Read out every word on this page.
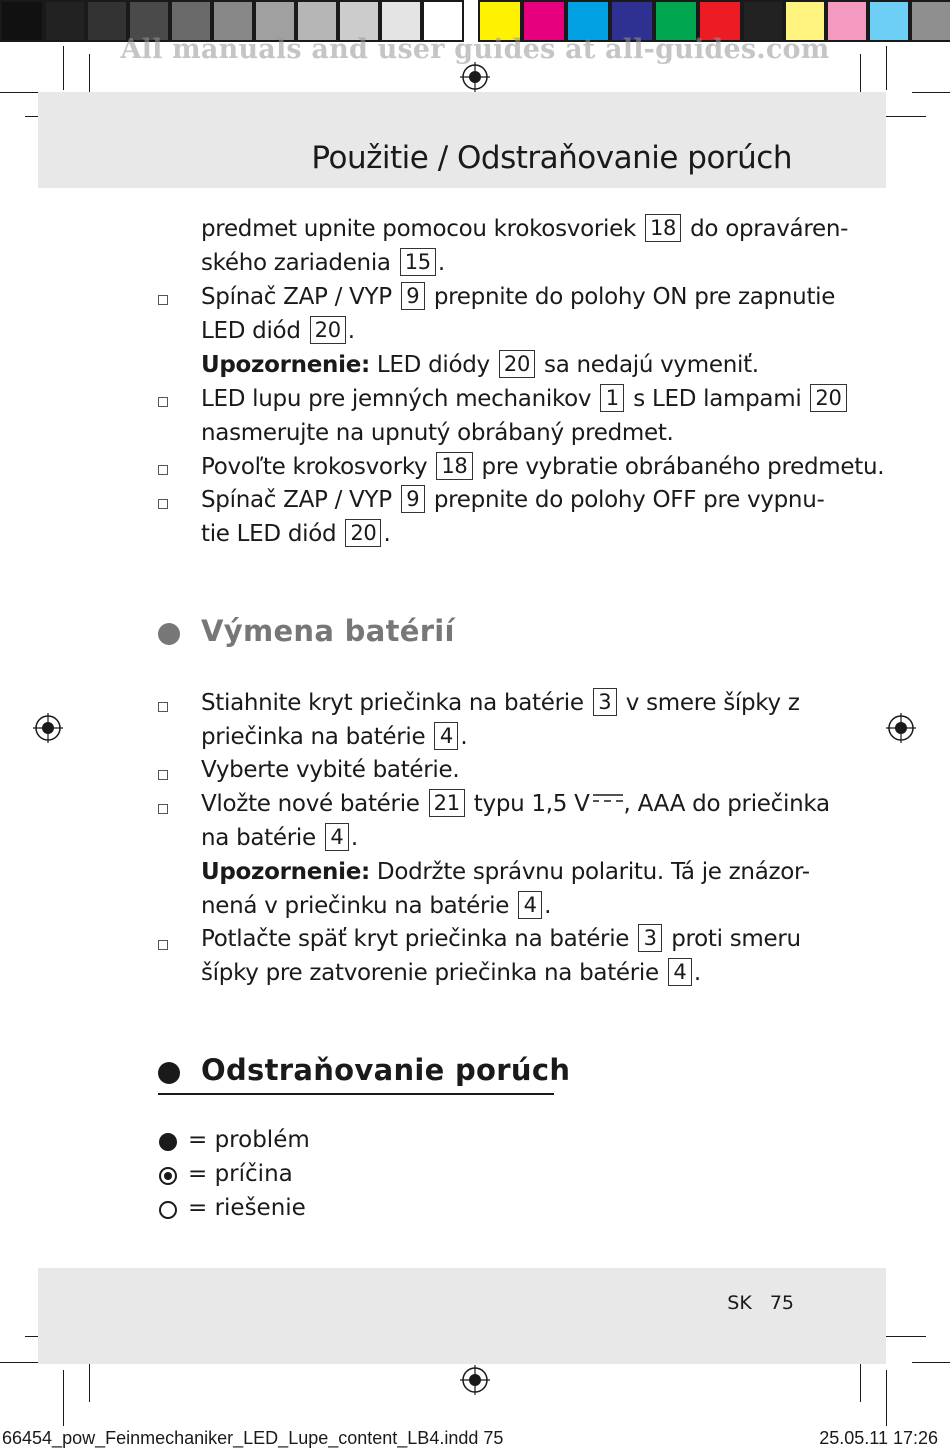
All manuals and user guides at all-guides.com
Použitie / Odstraňovanie porúch
predmet upnite pomocou krokosvoriek 18 do opraváren-
ského zariadenia 15 .
Spínač ZAP / VYP 9 prepnite do polohy ON pre zapnutie
LED diód 20 .
Upozornenie: LED diódy 20 sa nedajú vymeniť.
LED lupu pre jemných mechanikov 1 s LED lampami 20
nasmerujte na upnutý obrábaný predmet.
Povoľte krokosvorky 18 pre vybratie obrábaného predmetu.
Spínač ZAP / VYP 9 prepnite do polohy OFF pre vypnu-
tie LED diód 20 .
Výmena batérií
Stiahnite kryt priečinka na batérie 3 v smere šípky z
priečinka na batérie 4 .
Vyberte vybité batérie.
Vložte nové batérie 21 typu 1,5 V , AAA do priečinka
na batérie 4 .
Upozornenie: Dodržte správnu polaritu. Tá je znázor-
nená v priečinku na batérie 4 .
Potlačte späť kryt priečinka na batérie 3 proti smeru
šípky pre zatvorenie priečinka na batérie 4 .
Odstraňovanie porúch
= problém
= príčina
= riešenie
SK 75
66454_pow_Feinmechaniker_LED_Lupe_content_LB4.indd 75	25.05.11 17:26
